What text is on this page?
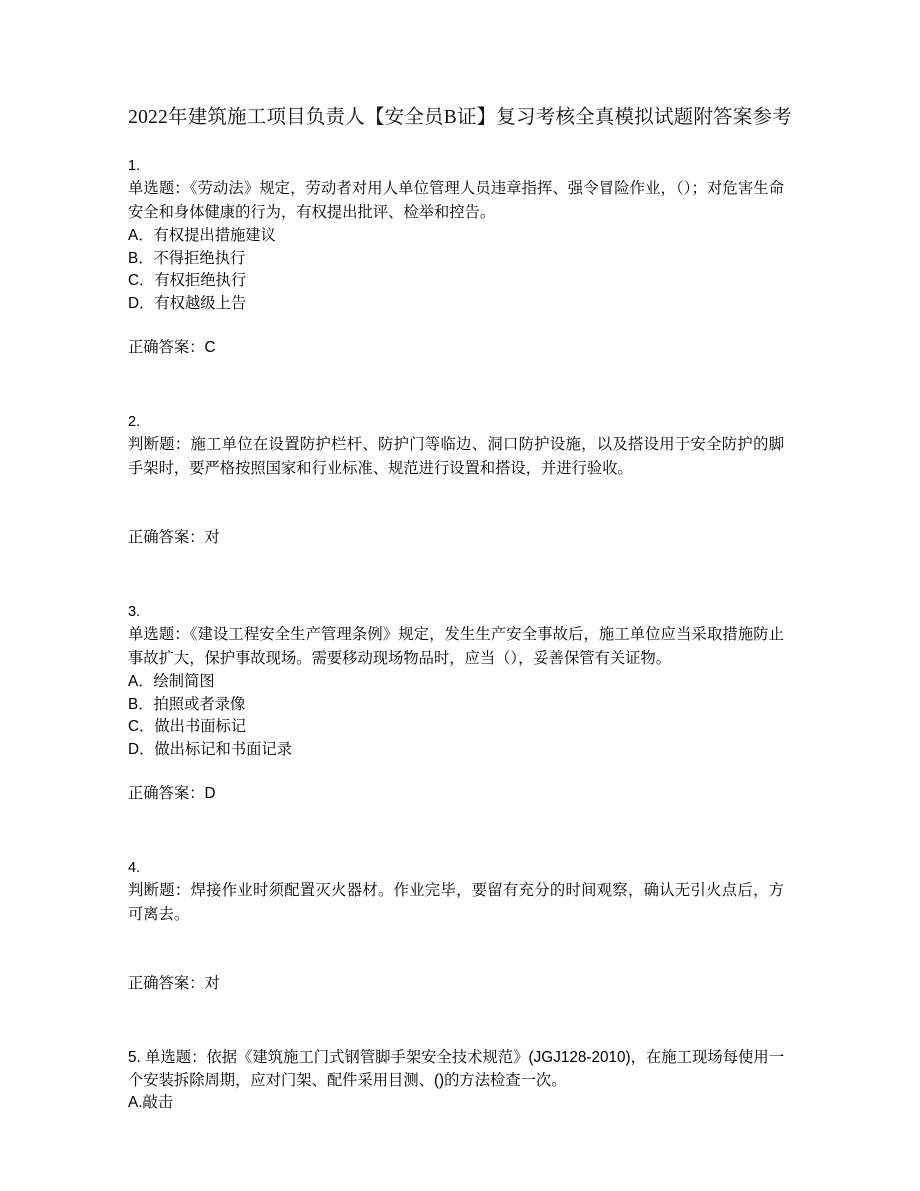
2022年建筑施工项目负责人【安全员B证】复习考核全真模拟试题附答案参考
1.
单选题：《劳动法》规定，劳动者对用人单位管理人员违章指挥、强令冒险作业，（）；对危害生命安全和身体健康的行为，有权提出批评、检举和控告。
A．有权提出措施建议
B．不得拒绝执行
C．有权拒绝执行
D．有权越级上告
正确答案：C
2.
判断题：施工单位在设置防护栏杆、防护门等临边、洞口防护设施，以及搭设用于安全防护的脚手架时，要严格按照国家和行业标准、规范进行设置和搭设，并进行验收。
正确答案：对
3.
单选题：《建设工程安全生产管理条例》规定，发生生产安全事故后，施工单位应当采取措施防止事故扩大，保护事故现场。需要移动现场物品时，应当（），妥善保管有关证物。
A．绘制简图
B．拍照或者录像
C．做出书面标记
D．做出标记和书面记录
正确答案：D
4.
判断题：焊接作业时须配置灭火器材。作业完毕，要留有充分的时间观察，确认无引火点后，方可离去。
正确答案：对
5. 单选题：依据《建筑施工门式钢管脚手架安全技术规范》(JGJ128-2010)，在施工现场每使用一个安装拆除周期，应对门架、配件采用目测、()的方法检查一次。
A.敲击
